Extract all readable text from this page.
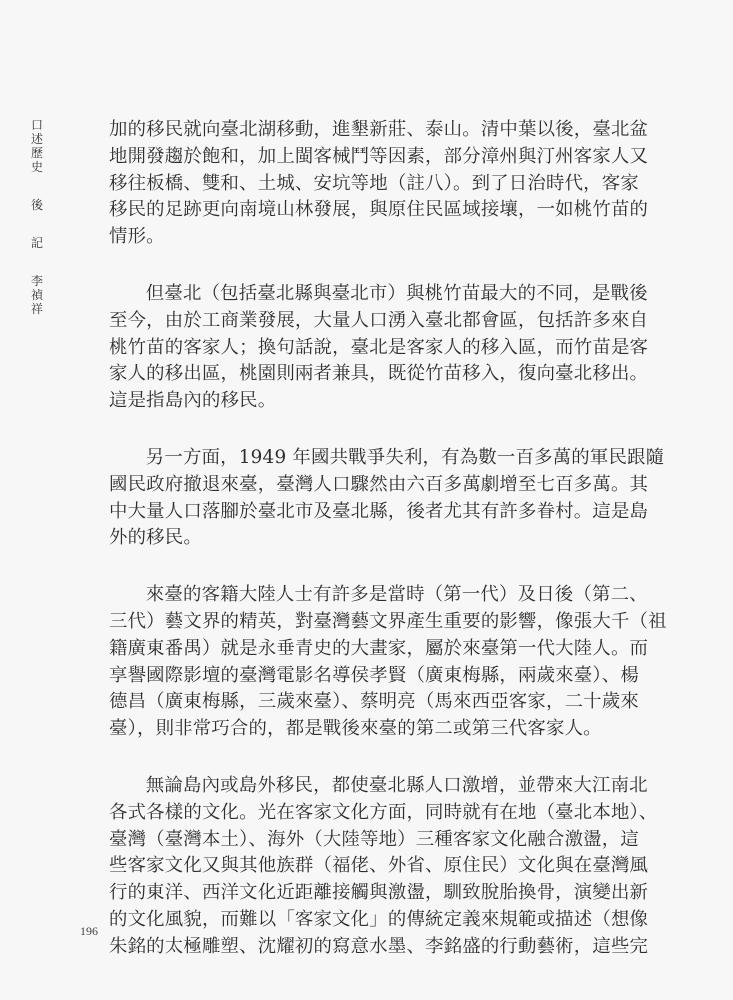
口
述
歷
史
後
記
李
禎
祥

加的移民就向臺北湖移動，進墾新莊、泰山。清中葉以後，臺北盆
地開發趨於飽和，加上閩客械鬥等因素，部分漳州與汀州客家人又
移往板橋、雙和、土城、安坑等地（註八）。到了日治時代，客家
移民的足跡更向南境山林發展，與原住民區域接壤，一如桃竹苗的
情形。

但臺北（包括臺北縣與臺北市）與桃竹苗最大的不同，是戰後
至今，由於工商業發展，大量人口湧入臺北都會區，包括許多來自
桃竹苗的客家人；換句話說，臺北是客家人的移入區，而竹苗是客
家人的移出區，桃園則兩者兼具，既從竹苗移入，復向臺北移出。
這是指島內的移民。

另一方面，1949 年國共戰爭失利，有為數一百多萬的軍民跟隨
國民政府撤退來臺，臺灣人口驟然由六百多萬劇增至七百多萬。其
中大量人口落腳於臺北市及臺北縣，後者尤其有許多眷村。這是島
外的移民。

來臺的客籍大陸人士有許多是當時（第一代）及日後（第二、
三代）藝文界的精英，對臺灣藝文界產生重要的影響，像張大千（祖
籍廣東番禺）就是永垂青史的大畫家，屬於來臺第一代大陸人。而
享譽國際影壇的臺灣電影名導侯孝賢（廣東梅縣，兩歲來臺）、楊
德昌（廣東梅縣，三歲來臺）、蔡明亮（馬來西亞客家，二十歲來
臺），則非常巧合的，都是戰後來臺的第二或第三代客家人。

無論島內或島外移民，都使臺北縣人口激增，並帶來大江南北
各式各樣的文化。光在客家文化方面，同時就有在地（臺北本地）、
臺灣（臺灣本土）、海外（大陸等地）三種客家文化融合激盪，這
些客家文化又與其他族群（福佬、外省、原住民）文化與在臺灣風
行的東洋、西洋文化近距離接觸與激盪，馴致脫胎換骨，演變出新
的文化風貌，而難以「客家文化」的傳統定義來規範或描述（想像
朱銘的太極雕塑、沈耀初的寫意水墨、李銘盛的行動藝術，這些完

196
